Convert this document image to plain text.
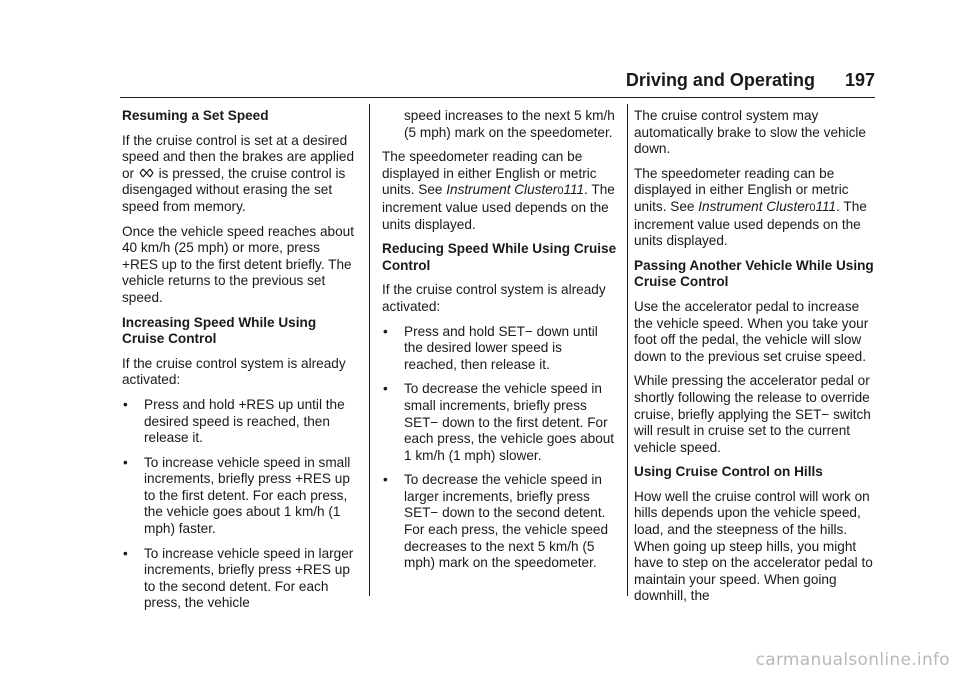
Driving and Operating 197
Resuming a Set Speed

If the cruise control is set at a desired speed and then the brakes are applied or is pressed, the cruise control is disengaged without erasing the set speed from memory.

Once the vehicle speed reaches about 40 km/h (25 mph) or more, press +RES up to the first detent briefly. The vehicle returns to the previous set speed.

Increasing Speed While Using Cruise Control

If the cruise control system is already activated:

• Press and hold +RES up until the desired speed is reached, then release it.
• To increase vehicle speed in small increments, briefly press +RES up to the first detent. For each press, the vehicle goes about 1 km/h (1 mph) faster.
• To increase vehicle speed in larger increments, briefly press +RES up to the second detent. For each press, the vehicle
speed increases to the next 5 km/h (5 mph) mark on the speedometer.

The speedometer reading can be displayed in either English or metric units. See Instrument Cluster0111. The increment value used depends on the units displayed.

Reducing Speed While Using Cruise Control

If the cruise control system is already activated:

• Press and hold SET− down until the desired lower speed is reached, then release it.
• To decrease the vehicle speed in small increments, briefly press SET− down to the first detent. For each press, the vehicle goes about 1 km/h (1 mph) slower.
• To decrease the vehicle speed in larger increments, briefly press SET− down to the second detent. For each press, the vehicle speed decreases to the next 5 km/h (5 mph) mark on the speedometer.

The cruise control system may automatically brake to slow the vehicle down.

The speedometer reading can be displayed in either English or metric units. See Instrument Cluster0111. The increment value used depends on the units displayed.

Passing Another Vehicle While Using Cruise Control

Use the accelerator pedal to increase the vehicle speed. When you take your foot off the pedal, the vehicle will slow down to the previous set cruise speed.

While pressing the accelerator pedal or shortly following the release to override cruise, briefly applying the SET− switch will result in cruise set to the current vehicle speed.

Using Cruise Control on Hills

How well the cruise control will work on hills depends upon the vehicle speed, load, and the steepness of the hills. When going up steep hills, you might have to step on the accelerator pedal to maintain your speed. When going downhill, the

carmanualsonline.info
